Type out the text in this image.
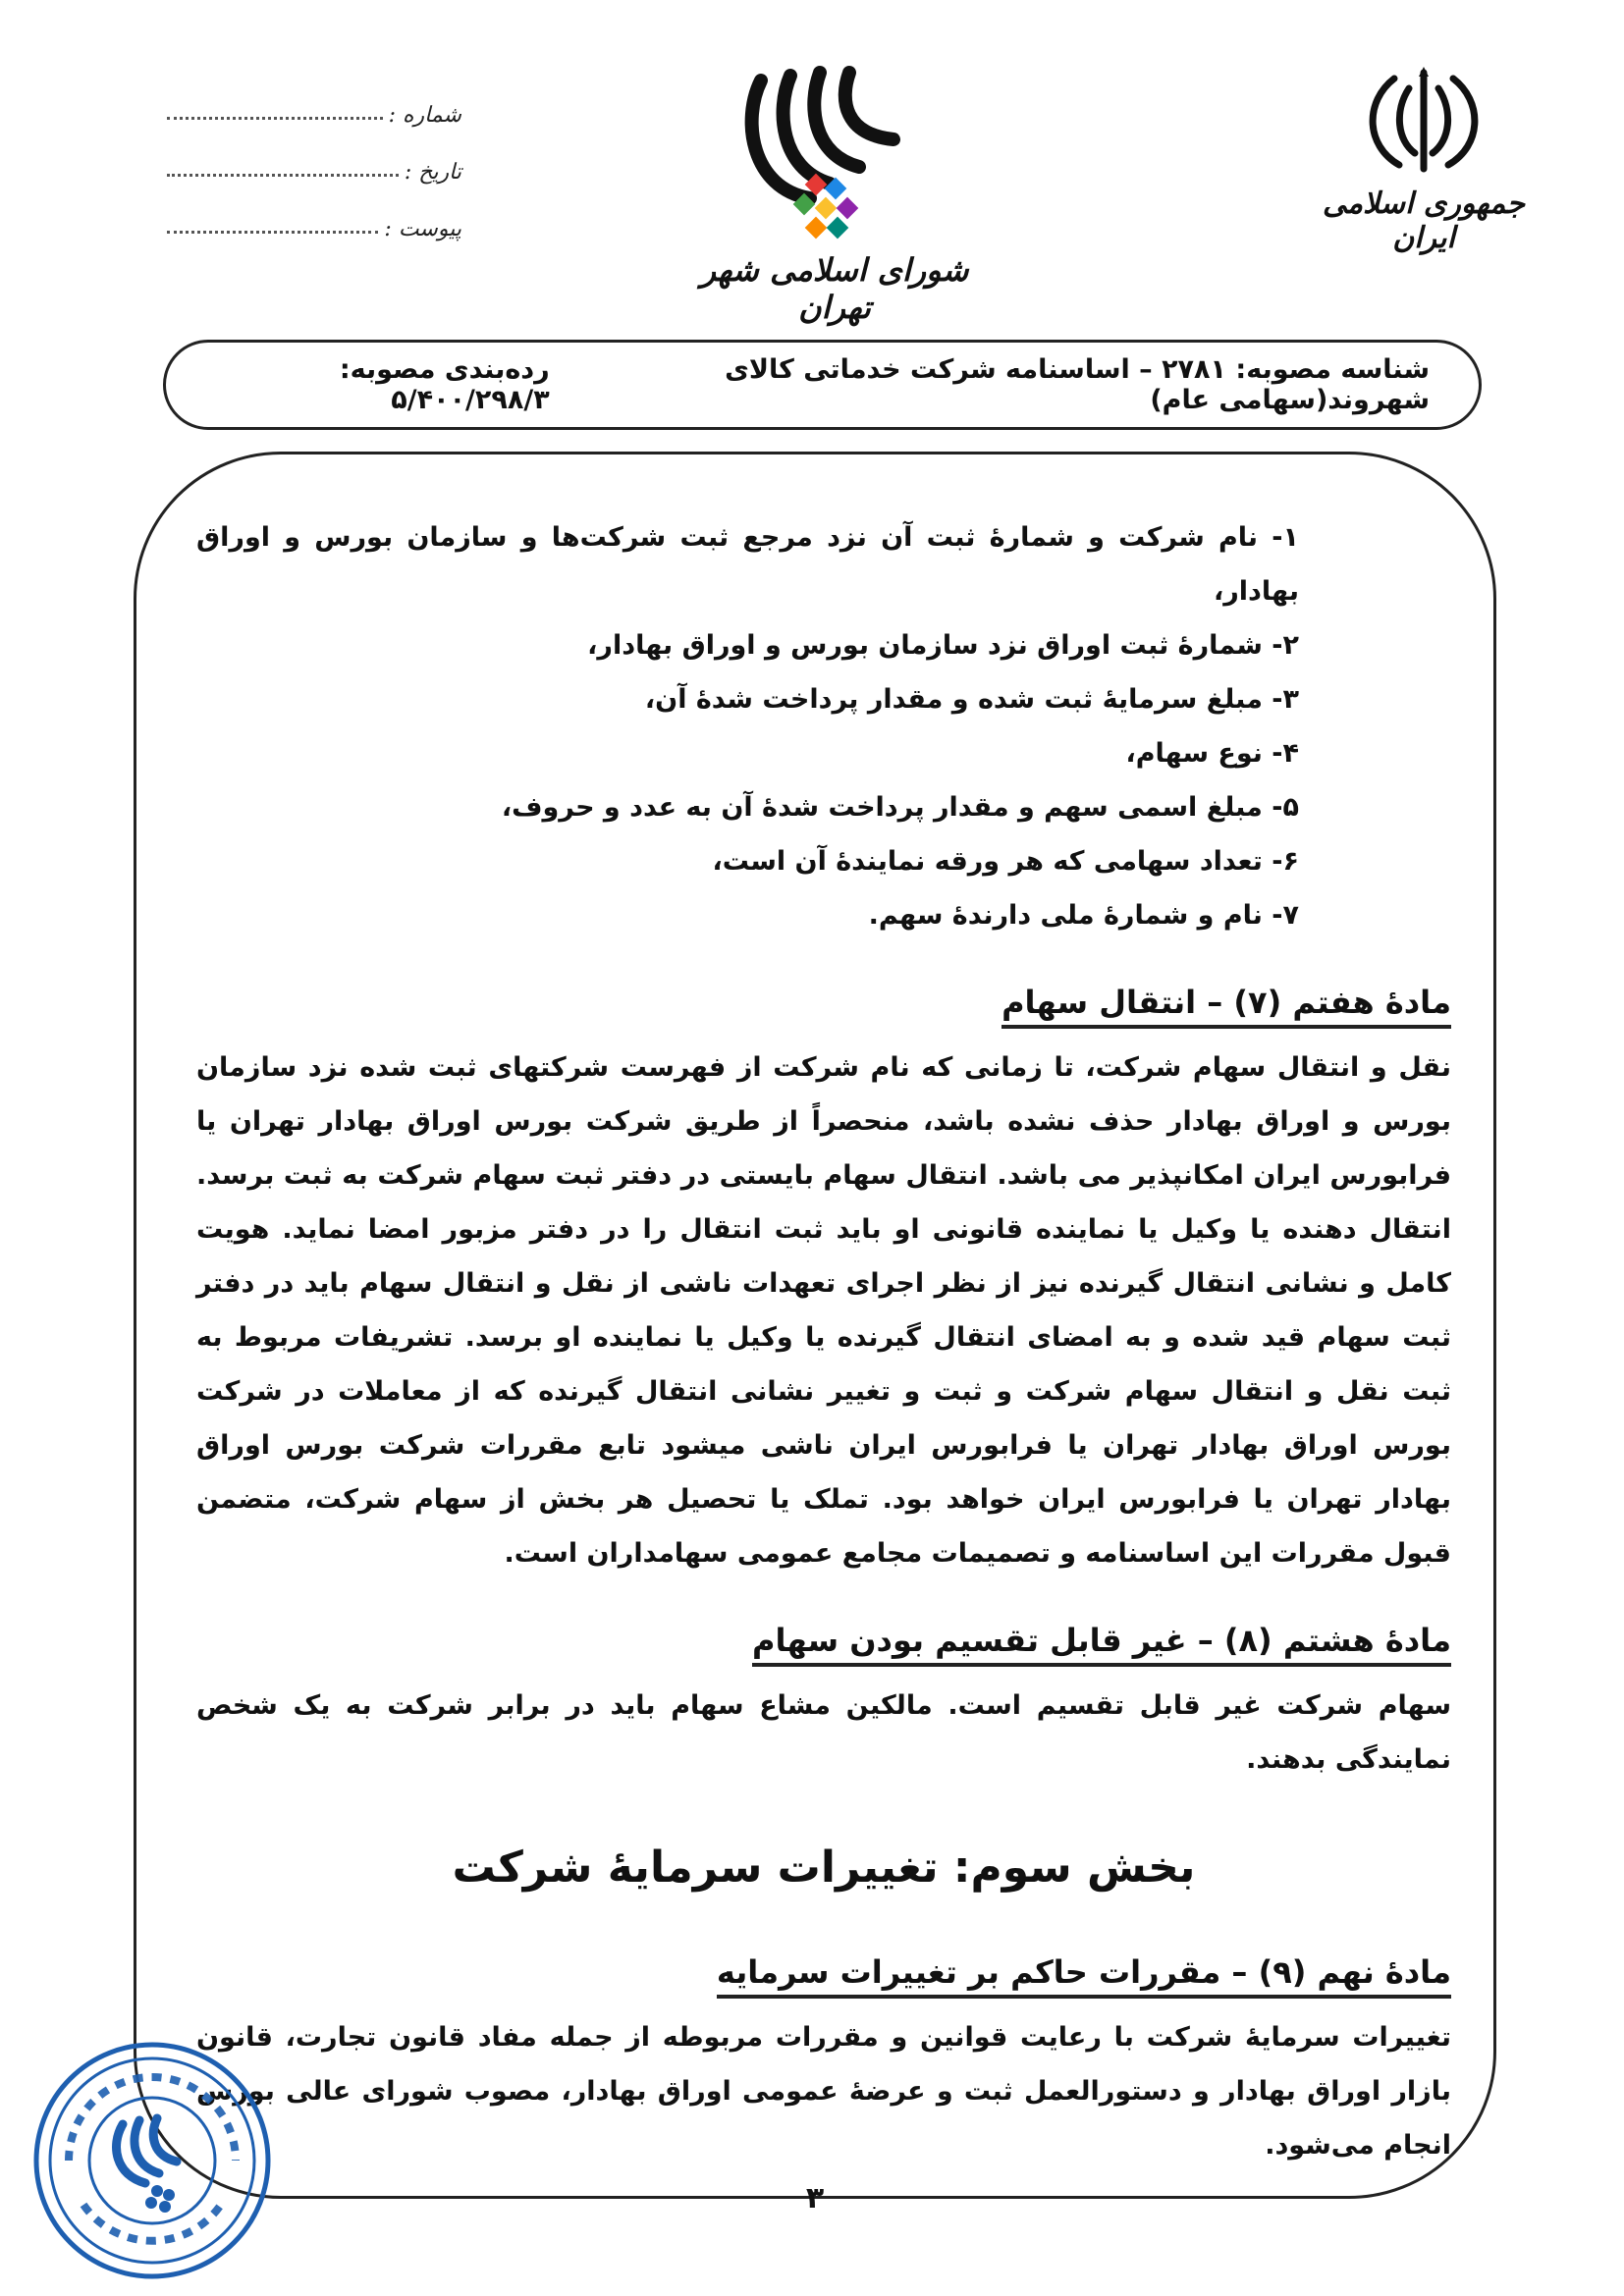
شماره :
تاریخ :
پیوست :
شورای اسلامی شهر تهران
جمهوری اسلامی ایران
شناسه مصوبه: ۲۷۸۱ – اساسنامه شرکت خدماتی کالای شهروند(سهامی عام)
رده‌بندی مصوبه: ۵/۴۰۰/۲۹۸/۳
۱- نام شرکت و شمارهٔ ثبت آن نزد مرجع ثبت شرکت‌ها و سازمان بورس و اوراق بهادار،
۲- شمارهٔ ثبت اوراق نزد سازمان بورس و اوراق بهادار،
۳- مبلغ سرمایهٔ ثبت شده و مقدار پرداخت شدهٔ آن،
۴- نوع سهام،
۵- مبلغ اسمی سهم و مقدار پرداخت شدهٔ آن به عدد و حروف،
۶- تعداد سهامی که هر ورقه نمایندهٔ آن است،
۷- نام و شمارهٔ ملی دارندهٔ سهم.
مادهٔ هفتم (۷) – انتقال سهام

نقل و انتقال سهام شرکت، تا زمانی که نام شرکت از فهرست شرکتهای ثبت شده نزد سازمان بورس و اوراق بهادار حذف نشده باشد، منحصراً از طریق شرکت بورس اوراق بهادار تهران یا فرابورس ایران امکانپذیر می باشد. انتقال سهام بایستی در دفتر ثبت سهام شرکت به ثبت برسد. انتقال دهنده یا وکیل یا نماینده قانونی او باید ثبت انتقال را در دفتر مزبور امضا نماید. هویت کامل و نشانی انتقال گیرنده نیز از نظر اجرای تعهدات ناشی از نقل و انتقال سهام باید در دفتر ثبت سهام قید شده و به امضای انتقال گیرنده یا وکیل یا نماینده او برسد. تشریفات مربوط به ثبت نقل و انتقال سهام شرکت و ثبت و تغییر نشانی انتقال گیرنده که از معاملات در شرکت بورس اوراق بهادار تهران یا فرابورس ایران ناشی میشود تابع مقررات شرکت بورس اوراق بهادار تهران یا فرابورس ایران خواهد بود. تملک یا تحصیل هر بخش از سهام شرکت، متضمن قبول مقررات این اساسنامه و تصمیمات مجامع عمومی سهامداران است.

مادهٔ هشتم (۸) – غیر قابل تقسیم بودن سهام

سهام شرکت غیر قابل تقسیم است. مالکین مشاع سهام باید در برابر شرکت به یک شخص نمایندگی بدهند.

بخش سوم: تغییرات سرمایهٔ شرکت
مادهٔ نهم (۹) – مقررات حاکم بر تغییرات سرمایه

تغییرات سرمایهٔ شرکت با رعایت قوانین و مقررات مربوطه از جمله مفاد قانون تجارت، قانون بازار اوراق بهادار و دستورالعمل ثبت و عرضهٔ عمومی اوراق بهادار، مصوب شورای عالی بورس انجام می‌شود.

۳
